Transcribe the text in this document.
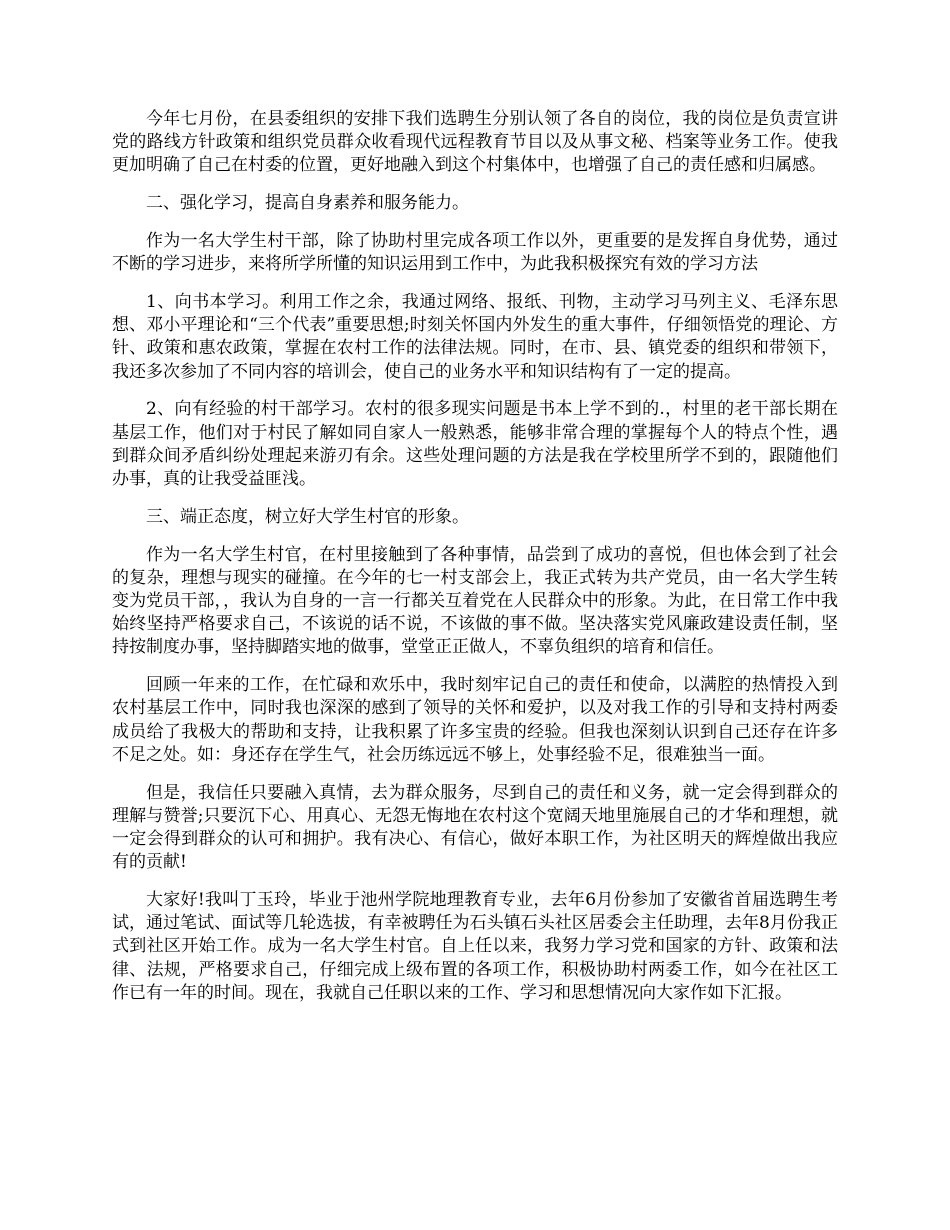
今年七月份，在县委组织的安排下我们选聘生分别认领了各自的岗位，我的岗位是负责宣讲党的路线方针政策和组织党员群众收看现代远程教育节目以及从事文秘、档案等业务工作。使我更加明确了自己在村委的位置，更好地融入到这个村集体中，也增强了自己的责任感和归属感。

二、强化学习，提高自身素养和服务能力。

作为一名大学生村干部，除了协助村里完成各项工作以外，更重要的是发挥自身优势，通过不断的学习进步，来将所学所懂的知识运用到工作中，为此我积极探究有效的学习方法

1、向书本学习。利用工作之余，我通过网络、报纸、刊物，主动学习马列主义、毛泽东思想、邓小平理论和“三个代表”重要思想;时刻关怀国内外发生的重大事件，仔细领悟党的理论、方针、政策和惠农政策，掌握在农村工作的法律法规。同时，在市、县、镇党委的组织和带领下，我还多次参加了不同内容的培训会，使自己的业务水平和知识结构有了一定的提高。

2、向有经验的村干部学习。农村的很多现实问题是书本上学不到的.，村里的老干部长期在基层工作，他们对于村民了解如同自家人一般熟悉，能够非常合理的掌握每个人的特点个性，遇到群众间矛盾纠纷处理起来游刃有余。这些处理问题的方法是我在学校里所学不到的，跟随他们办事，真的让我受益匪浅。

三、端正态度，树立好大学生村官的形象。

作为一名大学生村官，在村里接触到了各种事情，品尝到了成功的喜悦，但也体会到了社会的复杂，理想与现实的碰撞。在今年的七一村支部会上，我正式转为共产党员，由一名大学生转变为党员干部，，我认为自身的一言一行都关互着党在人民群众中的形象。为此，在日常工作中我始终坚持严格要求自己，不该说的话不说，不该做的事不做。坚决落实党风廉政建设责任制，坚持按制度办事，坚持脚踏实地的做事，堂堂正正做人，不辜负组织的培育和信任。

回顾一年来的工作，在忙碌和欢乐中，我时刻牢记自己的责任和使命，以满腔的热情投入到农村基层工作中，同时我也深深的感到了领导的关怀和爱护，以及对我工作的引导和支持村两委成员给了我极大的帮助和支持，让我积累了许多宝贵的经验。但我也深刻认识到自己还存在许多不足之处。如：身还存在学生气，社会历练远远不够上，处事经验不足，很难独当一面。

但是，我信任只要融入真情，去为群众服务，尽到自己的责任和义务，就一定会得到群众的理解与赞誉;只要沉下心、用真心、无怨无悔地在农村这个宽阔天地里施展自己的才华和理想，就一定会得到群众的认可和拥护。我有决心、有信心，做好本职工作，为社区明天的辉煌做出我应有的贡献!

大家好!我叫丁玉玲，毕业于池州学院地理教育专业，去年6月份参加了安徽省首届选聘生考试，通过笔试、面试等几轮选拔，有幸被聘任为石头镇石头社区居委会主任助理，去年8月份我正式到社区开始工作。成为一名大学生村官。自上任以来，我努力学习党和国家的方针、政策和法律、法规，严格要求自己，仔细完成上级布置的各项工作，积极协助村两委工作，如今在社区工作已有一年的时间。现在，我就自己任职以来的工作、学习和思想情况向大家作如下汇报。
